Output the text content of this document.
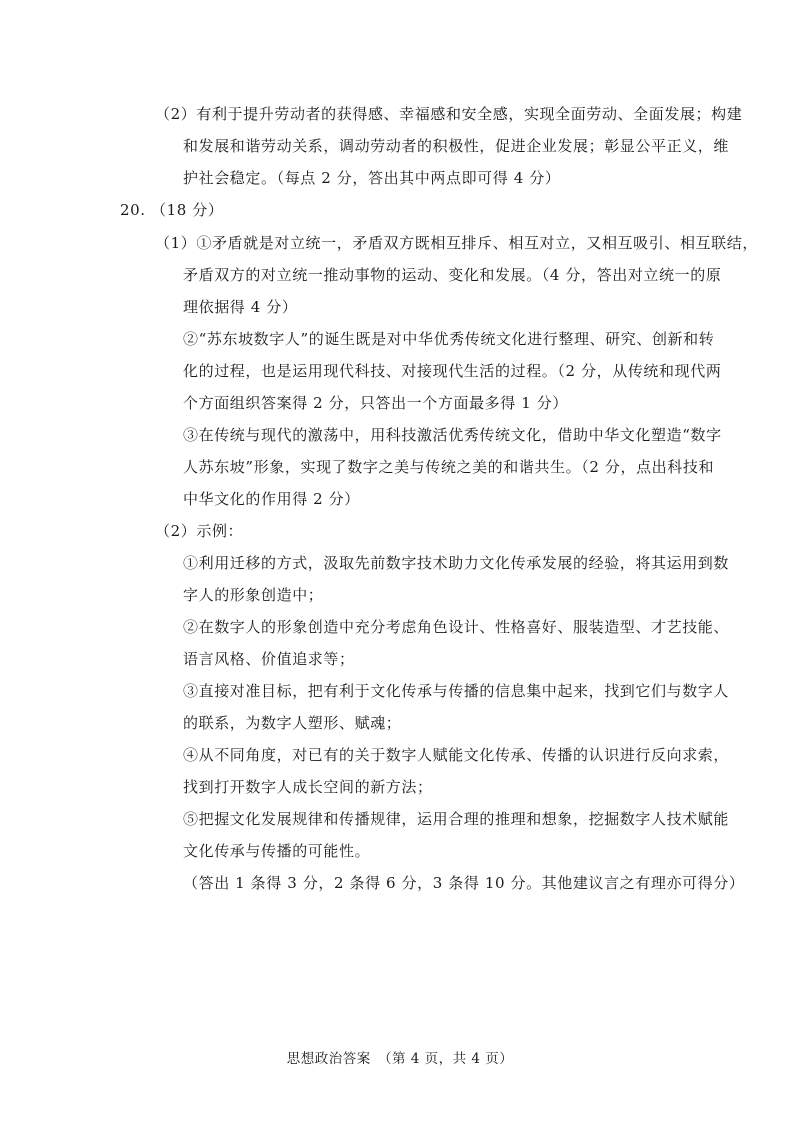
（2）有利于提升劳动者的获得感、幸福感和安全感，实现全面劳动、全面发展；构建
和发展和谐劳动关系，调动劳动者的积极性，促进企业发展；彰显公平正义，维
护社会稳定。（每点 2 分，答出其中两点即可得 4 分）
20. （18 分）
（1）①矛盾就是对立统一，矛盾双方既相互排斥、相互对立，又相互吸引、相互联结，
矛盾双方的对立统一推动事物的运动、变化和发展。（4 分，答出对立统一的原
理依据得 4 分）
②“苏东坡数字人”的诞生既是对中华优秀传统文化进行整理、研究、创新和转
化的过程，也是运用现代科技、对接现代生活的过程。（2 分，从传统和现代两
个方面组织答案得 2 分，只答出一个方面最多得 1 分）
③在传统与现代的激荡中，用科技激活优秀传统文化，借助中华文化塑造“数字
人苏东坡”形象，实现了数字之美与传统之美的和谐共生。（2 分，点出科技和
中华文化的作用得 2 分）
（2）示例：
①利用迁移的方式，汲取先前数字技术助力文化传承发展的经验，将其运用到数
字人的形象创造中；
②在数字人的形象创造中充分考虑角色设计、性格喜好、服装造型、才艺技能、
语言风格、价值追求等；
③直接对准目标，把有利于文化传承与传播的信息集中起来，找到它们与数字人
的联系，为数字人塑形、赋魂；
④从不同角度，对已有的关于数字人赋能文化传承、传播的认识进行反向求索，
找到打开数字人成长空间的新方法；
⑤把握文化发展规律和传播规律，运用合理的推理和想象，挖掘数字人技术赋能
文化传承与传播的可能性。
（答出 1 条得 3 分，2 条得 6 分，3 条得 10 分。其他建议言之有理亦可得分）
思想政治答案　（第 4 页，共 4 页）
